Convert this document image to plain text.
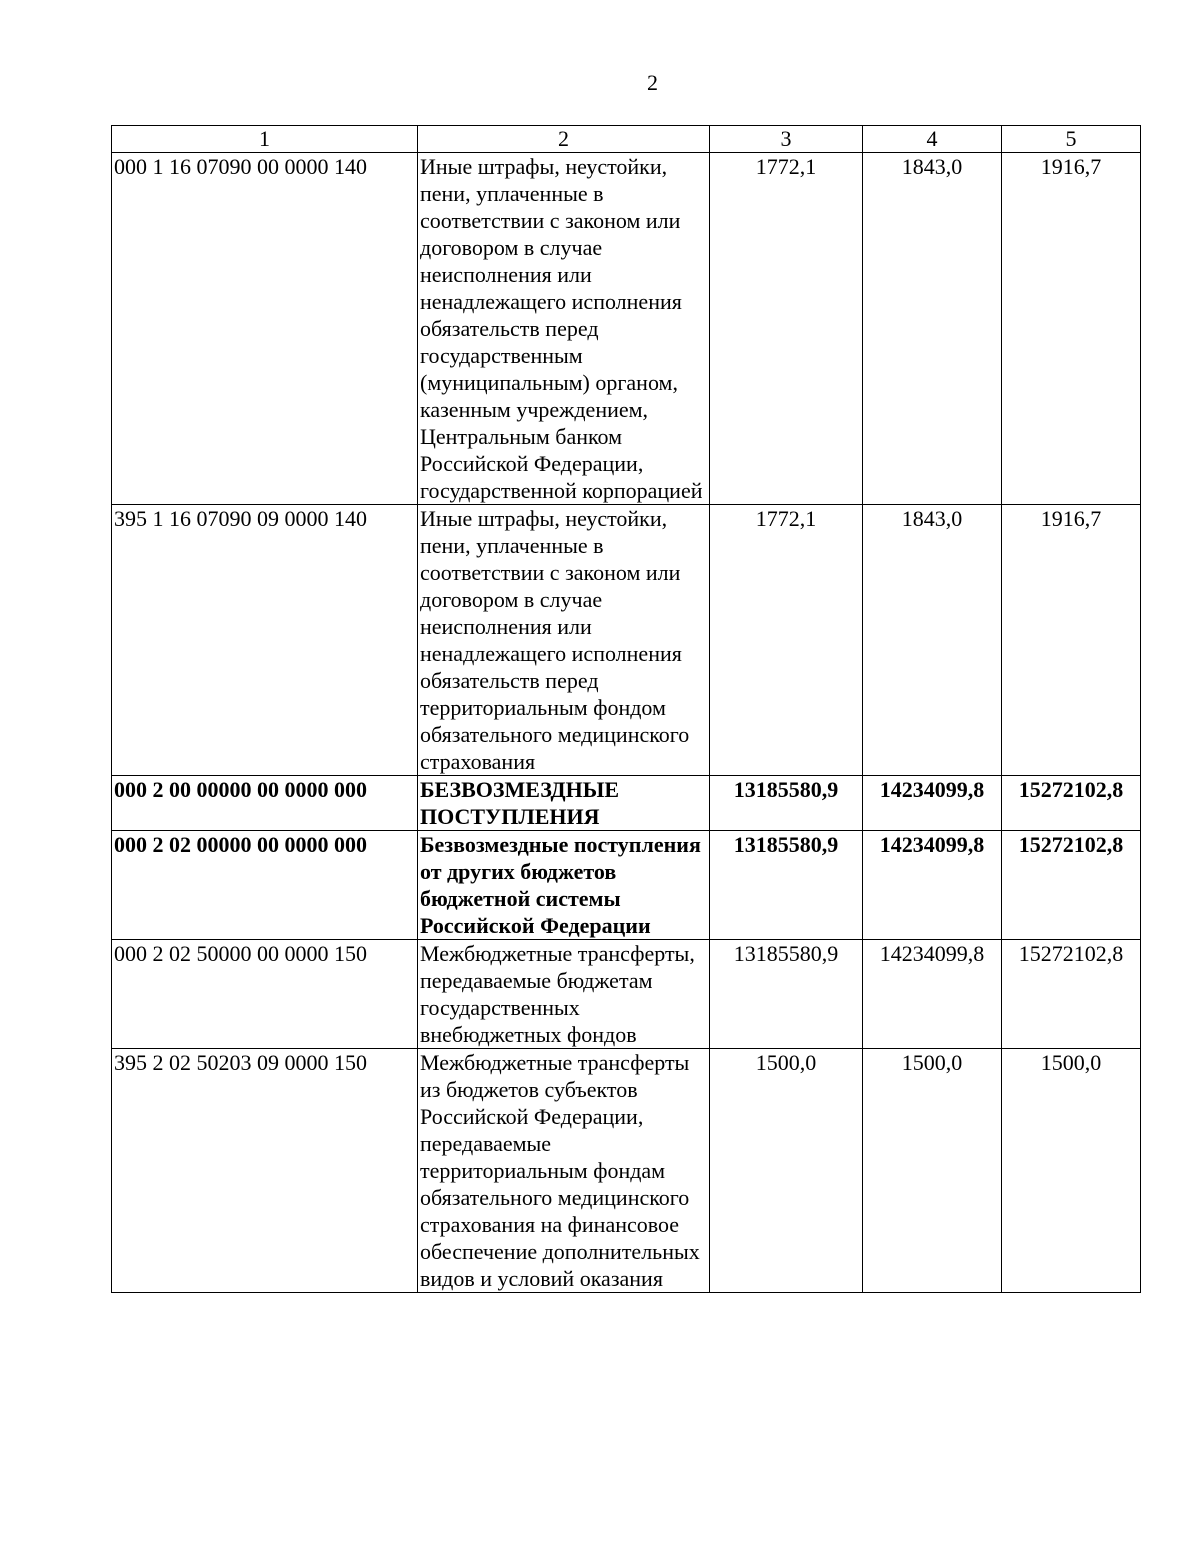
2
1	2	3	4	5
000 1 16 07090 00 0000 140	Иные штрафы, неустойки, пени, уплаченные в соответствии с законом или договором в случае неисполнения или ненадлежащего исполнения обязательств перед государственным (муниципальным) органом, казенным учреждением, Центральным банком Российской Федерации, государственной корпорацией	1772,1	1843,0	1916,7
395 1 16 07090 09 0000 140	Иные штрафы, неустойки, пени, уплаченные в соответствии с законом или договором в случае неисполнения или ненадлежащего исполнения обязательств перед территориальным фондом обязательного медицинского страхования	1772,1	1843,0	1916,7
000 2 00 00000 00 0000 000	БЕЗВОЗМЕЗДНЫЕ ПОСТУПЛЕНИЯ	13185580,9	14234099,8	15272102,8
000 2 02 00000 00 0000 000	Безвозмездные поступления от других бюджетов бюджетной системы Российской Федерации	13185580,9	14234099,8	15272102,8
000 2 02 50000 00 0000 150	Межбюджетные трансферты, передаваемые бюджетам государственных внебюджетных фондов	13185580,9	14234099,8	15272102,8
395 2 02 50203 09 0000 150	Межбюджетные трансферты из бюджетов субъектов Российской Федерации, передаваемые территориальным фондам обязательного медицинского страхования на финансовое обеспечение дополнительных видов и условий оказания	1500,0	1500,0	1500,0
